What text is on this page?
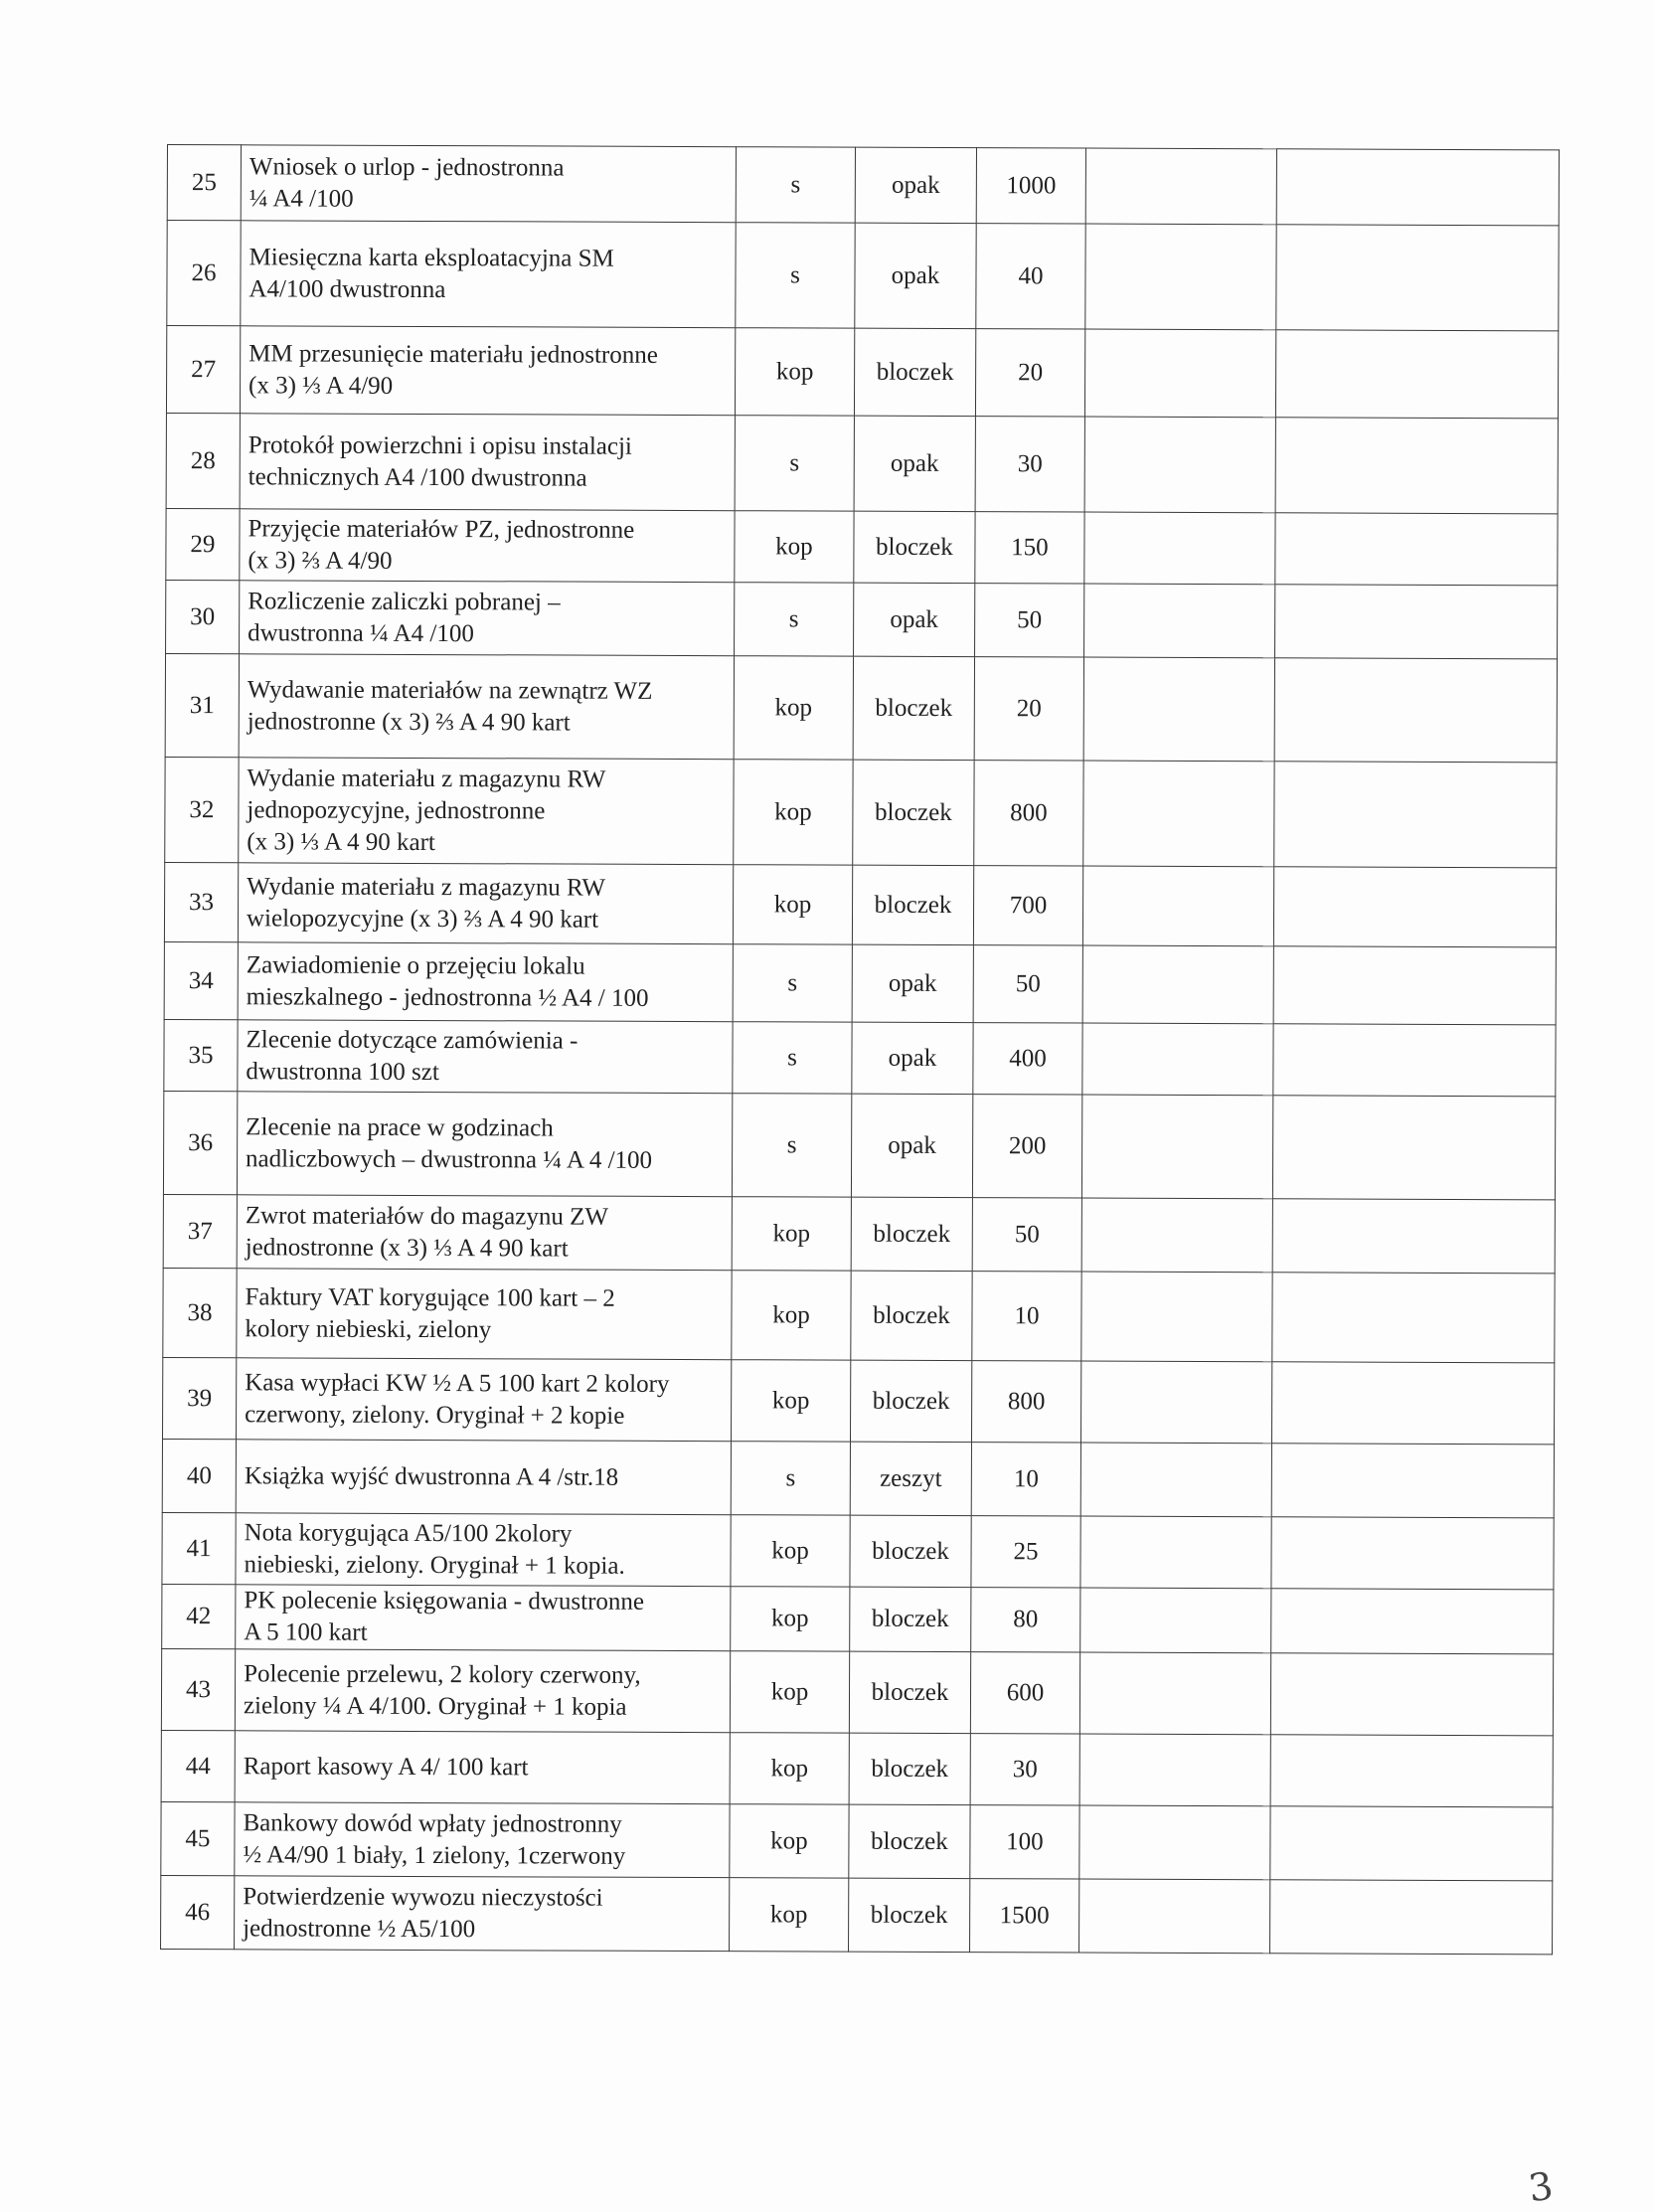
25	Wniosek o urlop - jednostronna
¼ A4 /100	s	opak	1000		
26	Miesięczna karta eksploatacyjna SM
A4/100 dwustronna	s	opak	40		
27	MM przesunięcie materiału jednostronne
(x 3) ⅓ A 4/90	kop	bloczek	20		
28	Protokół powierzchni i opisu instalacji
technicznych A4 /100 dwustronna	s	opak	30		
29	Przyjęcie materiałów PZ, jednostronne
(x 3) ⅔ A 4/90	kop	bloczek	150		
30	Rozliczenie zaliczki pobranej –
dwustronna ¼ A4 /100	s	opak	50		
31	Wydawanie materiałów na zewnątrz WZ
jednostronne (x 3) ⅔ A 4 90 kart	kop	bloczek	20		
32	Wydanie materiału z magazynu RW
jednopozycyjne, jednostronne
(x 3) ⅓ A 4 90 kart	kop	bloczek	800		
33	Wydanie materiału z magazynu RW
wielopozycyjne (x 3) ⅔ A 4 90 kart	kop	bloczek	700		
34	Zawiadomienie o przejęciu lokalu
mieszkalnego - jednostronna ½ A4 / 100	s	opak	50		
35	Zlecenie dotyczące zamówienia -
dwustronna 100 szt	s	opak	400		
36	Zlecenie na prace w godzinach
nadliczbowych – dwustronna ¼ A 4 /100	s	opak	200		
37	Zwrot materiałów do magazynu ZW
jednostronne (x 3) ⅓ A 4 90 kart	kop	bloczek	50		
38	Faktury VAT korygujące 100 kart – 2
kolory niebieski, zielony	kop	bloczek	10		
39	Kasa wypłaci KW ½ A 5 100 kart 2 kolory
czerwony, zielony. Oryginał + 2 kopie	kop	bloczek	800		
40	Książka wyjść dwustronna A 4 /str.18	s	zeszyt	10		
41	Nota korygująca A5/100 2kolory
niebieski, zielony. Oryginał + 1 kopia.	kop	bloczek	25		
42	PK polecenie księgowania - dwustronne
A 5 100 kart	kop	bloczek	80		
43	Polecenie przelewu, 2 kolory czerwony,
zielony ¼ A 4/100. Oryginał + 1 kopia	kop	bloczek	600		
44	Raport kasowy A 4/ 100 kart	kop	bloczek	30		
45	Bankowy dowód wpłaty jednostronny
½ A4/90 1 biały, 1 zielony, 1czerwony	kop	bloczek	100		
46	Potwierdzenie wywozu nieczystości
jednostronne ½ A5/100	kop	bloczek	1500		
3
